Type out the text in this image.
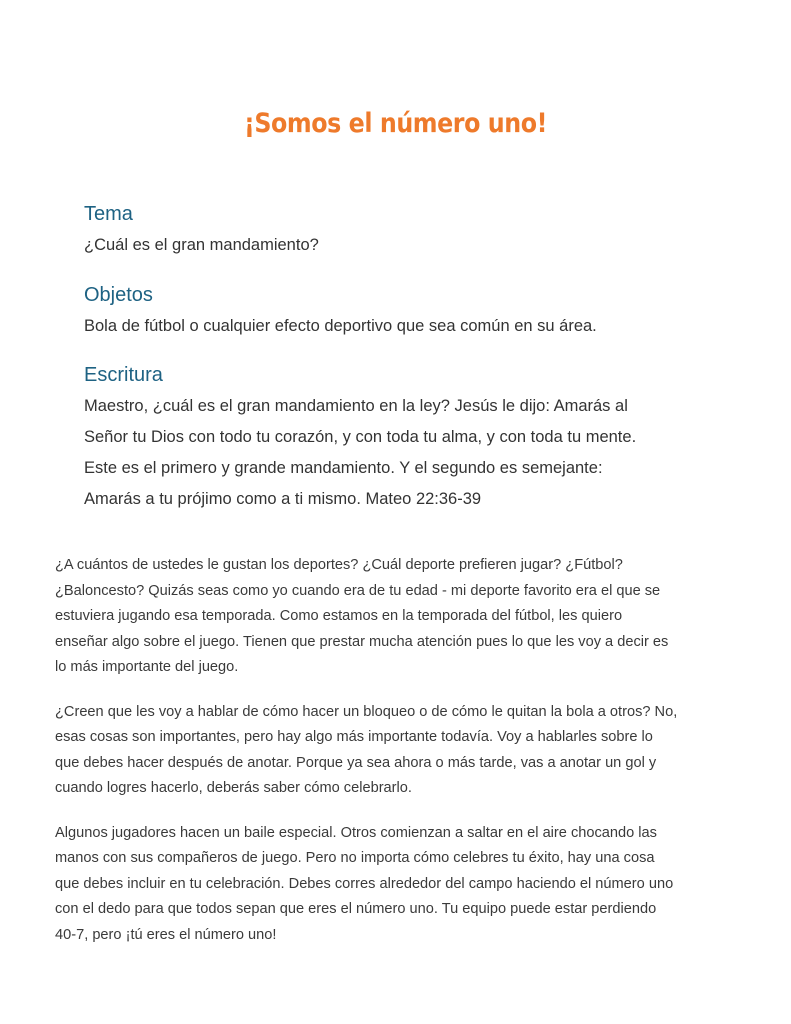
¡Somos el número uno!
Tema

¿Cuál es el gran mandamiento?

Objetos

Bola de fútbol o cualquier efecto deportivo que sea común en su área.

Escritura

Maestro, ¿cuál es el gran mandamiento en la ley? Jesús le dijo: Amarás al
Señor tu Dios con todo tu corazón, y con toda tu alma, y con toda tu mente.
Este es el primero y grande mandamiento. Y el segundo es semejante:
Amarás a tu prójimo como a ti mismo. Mateo 22:36-39

¿A cuántos de ustedes le gustan los deportes? ¿Cuál deporte prefieren jugar? ¿Fútbol?
¿Baloncesto? Quizás seas como yo cuando era de tu edad - mi deporte favorito era el que se
estuviera jugando esa temporada. Como estamos en la temporada del fútbol, les quiero
enseñar algo sobre el juego. Tienen que prestar mucha atención pues lo que les voy a decir es
lo más importante del juego.

¿Creen que les voy a hablar de cómo hacer un bloqueo o de cómo le quitan la bola a otros? No,
esas cosas son importantes, pero hay algo más importante todavía. Voy a hablarles sobre lo
que debes hacer después de anotar. Porque ya sea ahora o más tarde, vas a anotar un gol y
cuando logres hacerlo, deberás saber cómo celebrarlo.

Algunos jugadores hacen un baile especial. Otros comienzan a saltar en el aire chocando las
manos con sus compañeros de juego. Pero no importa cómo celebres tu éxito, hay una cosa
que debes incluir en tu celebración. Debes corres alrededor del campo haciendo el número uno
con el dedo para que todos sepan que eres el número uno. Tu equipo puede estar perdiendo
40-7, pero ¡tú eres el número uno!
